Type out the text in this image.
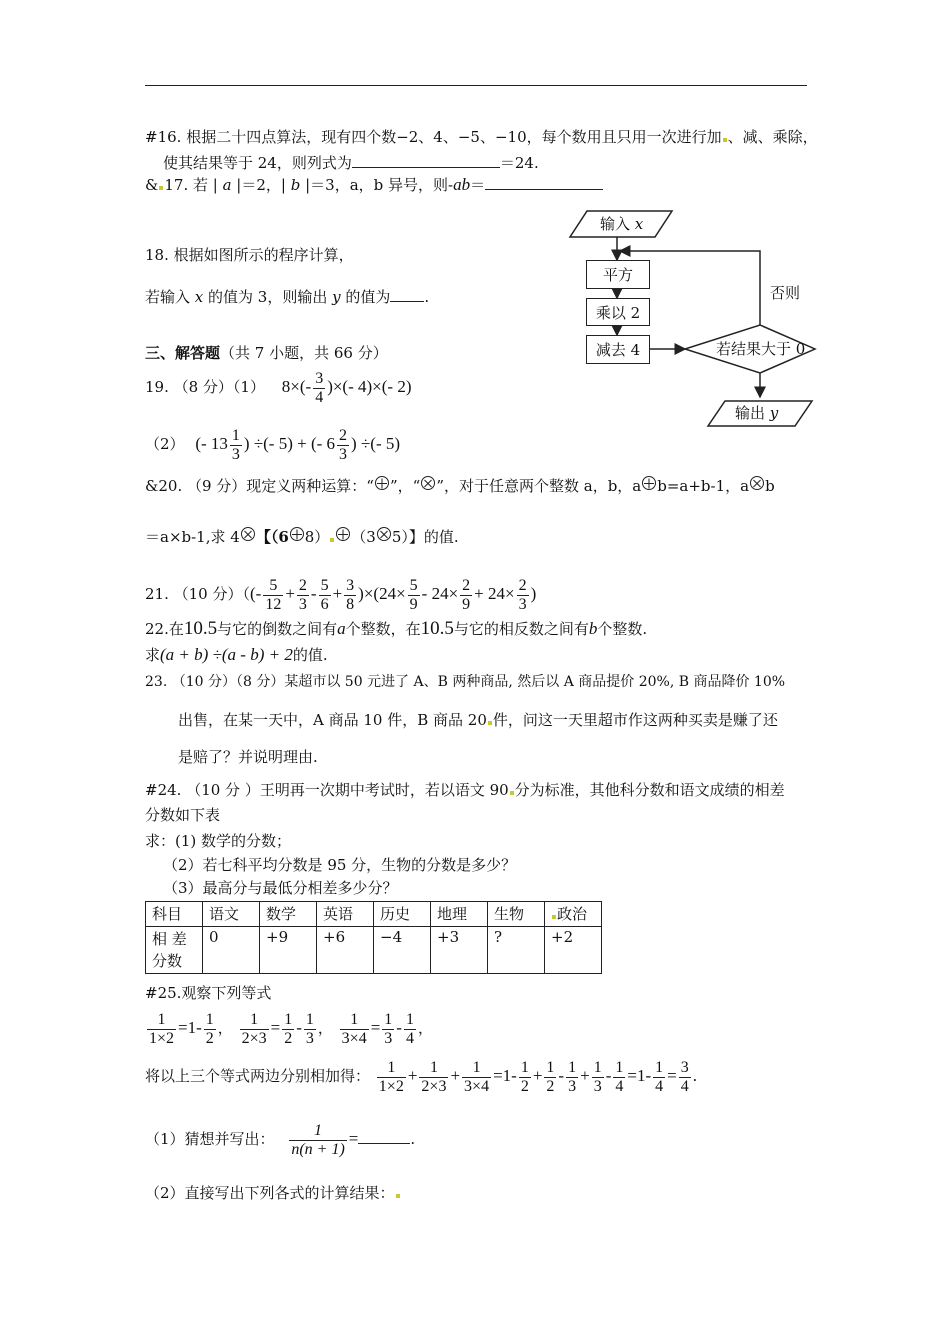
#16. 根据二十四点算法，现有四个数−2、4、−5、−10，每个数用且只用一次进行加 、减、乘除，
使其结果等于 24，则列式为	＝24.
& 17. 若 | a |＝2，| b |＝3，a，b 异号，则-ab＝
18. 根据如图所示的程序计算，
若输入 x 的值为 3，则输出 y 的值为 .
输入 x
平方
乘以 2
减去 4	若结果大于 0
否则
输出 y
三、解答题（共 7 小题，共 66 分）
19. （8 分）（1） $8\times(- \frac{3}{4}$ )×(- 4)×(- 2)
（2） (- $13 \frac{1}{3}$ ) ÷(- 5) + (- $6 \frac{2}{3}$ ) ÷(- 5)
&20. （9 分）现定义两种运算：“ ”，“ ”，对于任意两个整数 a，b，a b=a+b-1，a b
＝a×b-1,求 4 【（6 8） （3 5）】的值.
21. （10 分）（(- $\frac{5}{12} + \frac{2}{3} - \frac{5}{6} + \frac{3}{8} )\times(24\times \frac{5}{9} - 24\times \frac{2}{9} + 24\times \frac{2}{3}$ )
22.在10.5与它的倒数之间有a个整数，在10.5与它的相反数之间有b个整数.
求(a + b) ÷(a - b) + 2的值.
23. （10 分）（8 分）某超市以 50 元进了 A、B 两种商品, 然后以 A 商品提价 20%, B 商品降价 10%
出售，在某一天中，A 商品 10 件，B 商品 20 件，问这一天里超市作这两种买卖是赚了还
是赔了？并说明理由.
#24. （10 分 ）王明再一次期中考试时，若以语文 90 分为标准，其他科分数和语文成绩的相差
分数如下表
求：(1) 数学的分数；
（2）若七科平均分数是 95 分，生物的分数是多少？
（3）最高分与最低分相差多少分？
科目	语文	数学	英语	历史	地理	生物	政治
相 差
分数	0	+9	+6	−4	+3	?	+2
#25.观察下列等式
$\frac{1}{1\times 2} =1- \frac{1}{2}$ ， $\frac{1}{2\times 3} = \frac{1}{2} - \frac{1}{3}$ ， $\frac{1}{3\times 4} = \frac{1}{3} - \frac{1}{4}$ ，
将以上三个等式两边分别相加得： $\frac{1}{1\times 2} + \frac{1}{2\times 3} + \frac{1}{3\times 4} =1- \frac{1}{2} + \frac{1}{2} - \frac{1}{3} + \frac{1}{3} - \frac{1}{4} =1- \frac{1}{4} = \frac{3}{4}$ .
（1）猜想并写出： $\frac{1}{n(n + 1)}$ =	.
（2）直接写出下列各式的计算结果：
